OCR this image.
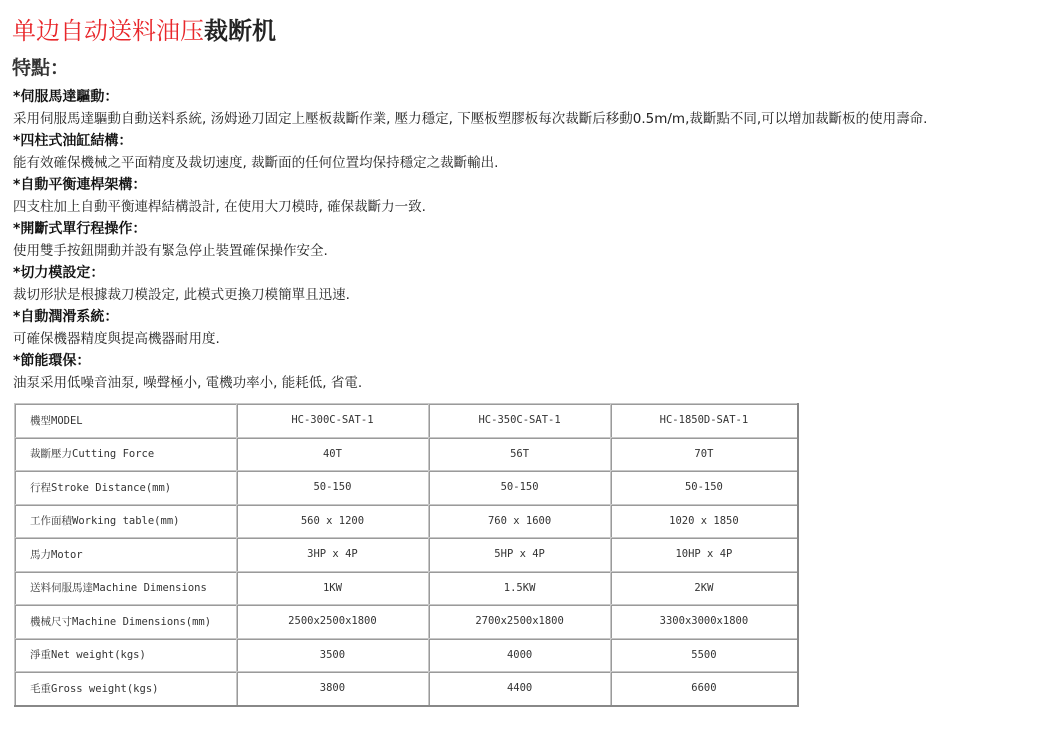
单边自动送料油压裁断机
特點：
*伺服馬達驅動：
采用伺服馬達驅動自動送料系統, 汤姆逊刀固定上壓板裁斷作業, 壓力穩定, 下壓板塑膠板每次裁斷后移動0.5m/m,裁斷點不同,可以增加裁斷板的使用壽命.
*四柱式油缸結構：
能有效確保機械之平面精度及裁切速度, 裁斷面的任何位置均保持穩定之裁斷輸出.
*自動平衡連桿架構：
四支柱加上自動平衡連桿結構設計, 在使用大刀模時, 確保裁斷力一致.
*開斷式單行程操作：
使用雙手按鈕開動并設有緊急停止裝置確保操作安全.
*切力模設定：
裁切形狀是根據裁刀模設定, 此模式更換刀模簡單且迅速.
*自動潤滑系統：
可確保機器精度與提高機器耐用度.
*節能環保：
油泵采用低噪音油泵, 噪聲極小, 電機功率小, 能耗低, 省電.
機型MODEL	HC-300C-SAT-1	HC-350C-SAT-1	HC-1850D-SAT-1
裁斷壓力Cutting Force	40T	56T	70T
行程Stroke Distance(mm)	50-150	50-150	50-150
工作面積Working table(mm)	560 x 1200	760 x 1600	1020 x 1850
馬力Motor	3HP x 4P	5HP x 4P	10HP x 4P
送料伺服馬達Machine Dimensions	1KW	1.5KW	2KW
機械尺寸Machine Dimensions(mm)	2500x2500x1800	2700x2500x1800	3300x3000x1800
淨重Net weight(kgs)	3500	4000	5500
毛重Gross weight(kgs)	3800	4400	6600
